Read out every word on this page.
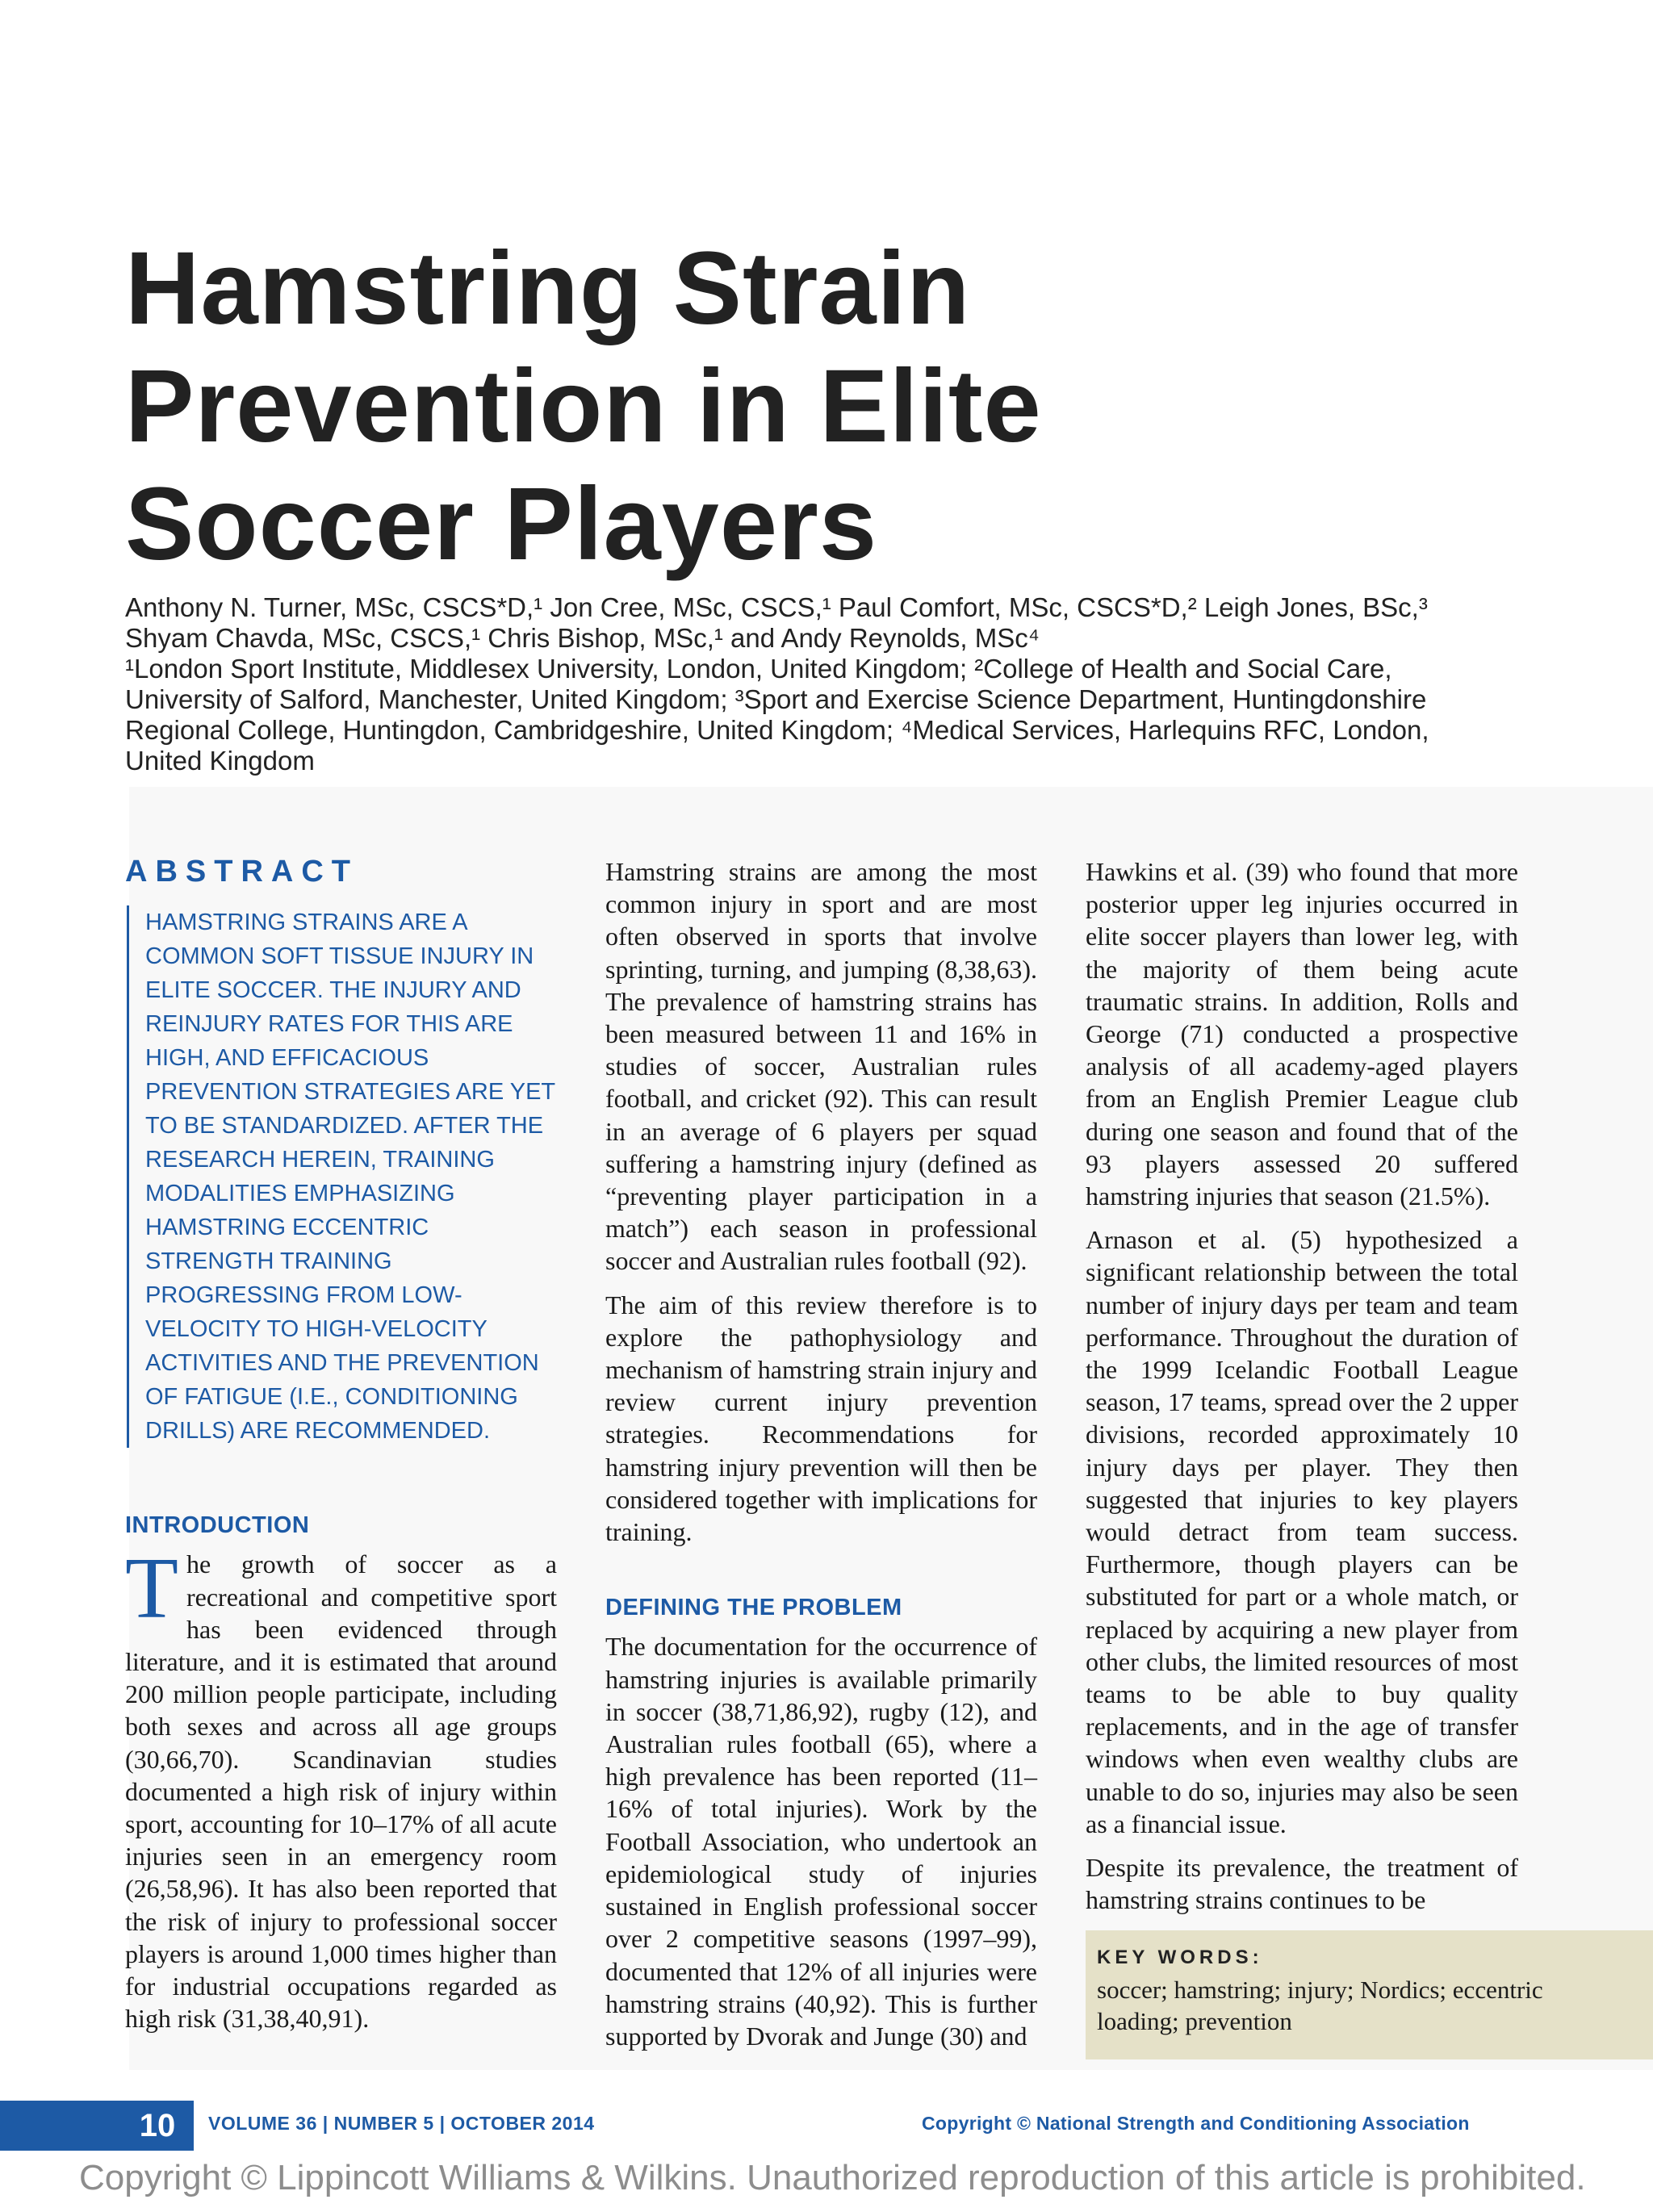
Hamstring Strain
Prevention in Elite
Soccer Players
Anthony N. Turner, MSc, CSCS*D,¹ Jon Cree, MSc, CSCS,¹ Paul Comfort, MSc, CSCS*D,² Leigh Jones, BSc,³
Shyam Chavda, MSc, CSCS,¹ Chris Bishop, MSc,¹ and Andy Reynolds, MSc⁴
¹London Sport Institute, Middlesex University, London, United Kingdom; ²College of Health and Social Care,
University of Salford, Manchester, United Kingdom; ³Sport and Exercise Science Department, Huntingdonshire
Regional College, Huntingdon, Cambridgeshire, United Kingdom; ⁴Medical Services, Harlequins RFC, London,
United Kingdom
ABSTRACT
HAMSTRING STRAINS ARE A COMMON SOFT TISSUE INJURY IN ELITE SOCCER. THE INJURY AND REINJURY RATES FOR THIS ARE HIGH, AND EFFICACIOUS PREVENTION STRATEGIES ARE YET TO BE STANDARDIZED. AFTER THE RESEARCH HEREIN, TRAINING MODALITIES EMPHASIZING HAMSTRING ECCENTRIC STRENGTH TRAINING PROGRESSING FROM LOW-VELOCITY TO HIGH-VELOCITY ACTIVITIES AND THE PREVENTION OF FATIGUE (I.E., CONDITIONING DRILLS) ARE RECOMMENDED.
INTRODUCTION

The growth of soccer as a recreational and competitive sport has been evidenced through literature, and it is estimated that around 200 million people participate, including both sexes and across all age groups (30,66,70). Scandinavian studies documented a high risk of injury within sport, accounting for 10–17% of all acute injuries seen in an emergency room (26,58,96). It has also been reported that the risk of injury to professional soccer players is around 1,000 times higher than for industrial occupations regarded as high risk (31,38,40,91).

Hamstring strains are among the most common injury in sport and are most often observed in sports that involve sprinting, turning, and jumping (8,38,63). The prevalence of hamstring strains has been measured between 11 and 16% in studies of soccer, Australian rules football, and cricket (92). This can result in an average of 6 players per squad suffering a hamstring injury (defined as “preventing player participation in a match”) each season in professional soccer and Australian rules football (92).

The aim of this review therefore is to explore the pathophysiology and mechanism of hamstring strain injury and review current injury prevention strategies. Recommendations for hamstring injury prevention will then be considered together with implications for training.

DEFINING THE PROBLEM

The documentation for the occurrence of hamstring injuries is available primarily in soccer (38,71,86,92), rugby (12), and Australian rules football (65), where a high prevalence has been reported (11–16% of total injuries). Work by the Football Association, who undertook an epidemiological study of injuries sustained in English professional soccer over 2 competitive seasons (1997–99), documented that 12% of all injuries were hamstring strains (40,92). This is further supported by Dvorak and Junge (30) and

Hawkins et al. (39) who found that more posterior upper leg injuries occurred in elite soccer players than lower leg, with the majority of them being acute traumatic strains. In addition, Rolls and George (71) conducted a prospective analysis of all academy-aged players from an English Premier League club during one season and found that of the 93 players assessed 20 suffered hamstring injuries that season (21.5%).

Arnason et al. (5) hypothesized a significant relationship between the total number of injury days per team and team performance. Throughout the duration of the 1999 Icelandic Football League season, 17 teams, spread over the 2 upper divisions, recorded approximately 10 injury days per player. They then suggested that injuries to key players would detract from team success. Furthermore, though players can be substituted for part or a whole match, or replaced by acquiring a new player from other clubs, the limited resources of most teams to be able to buy quality replacements, and in the age of transfer windows when even wealthy clubs are unable to do so, injuries may also be seen as a financial issue.

Despite its prevalence, the treatment of hamstring strains continues to be

KEY WORDS:
soccer; hamstring; injury; Nordics; eccentric loading; prevention
10	VOLUME 36 | NUMBER 5 | OCTOBER 2014	Copyright © National Strength and Conditioning Association
Copyright © Lippincott Williams & Wilkins. Unauthorized reproduction of this article is prohibited.
